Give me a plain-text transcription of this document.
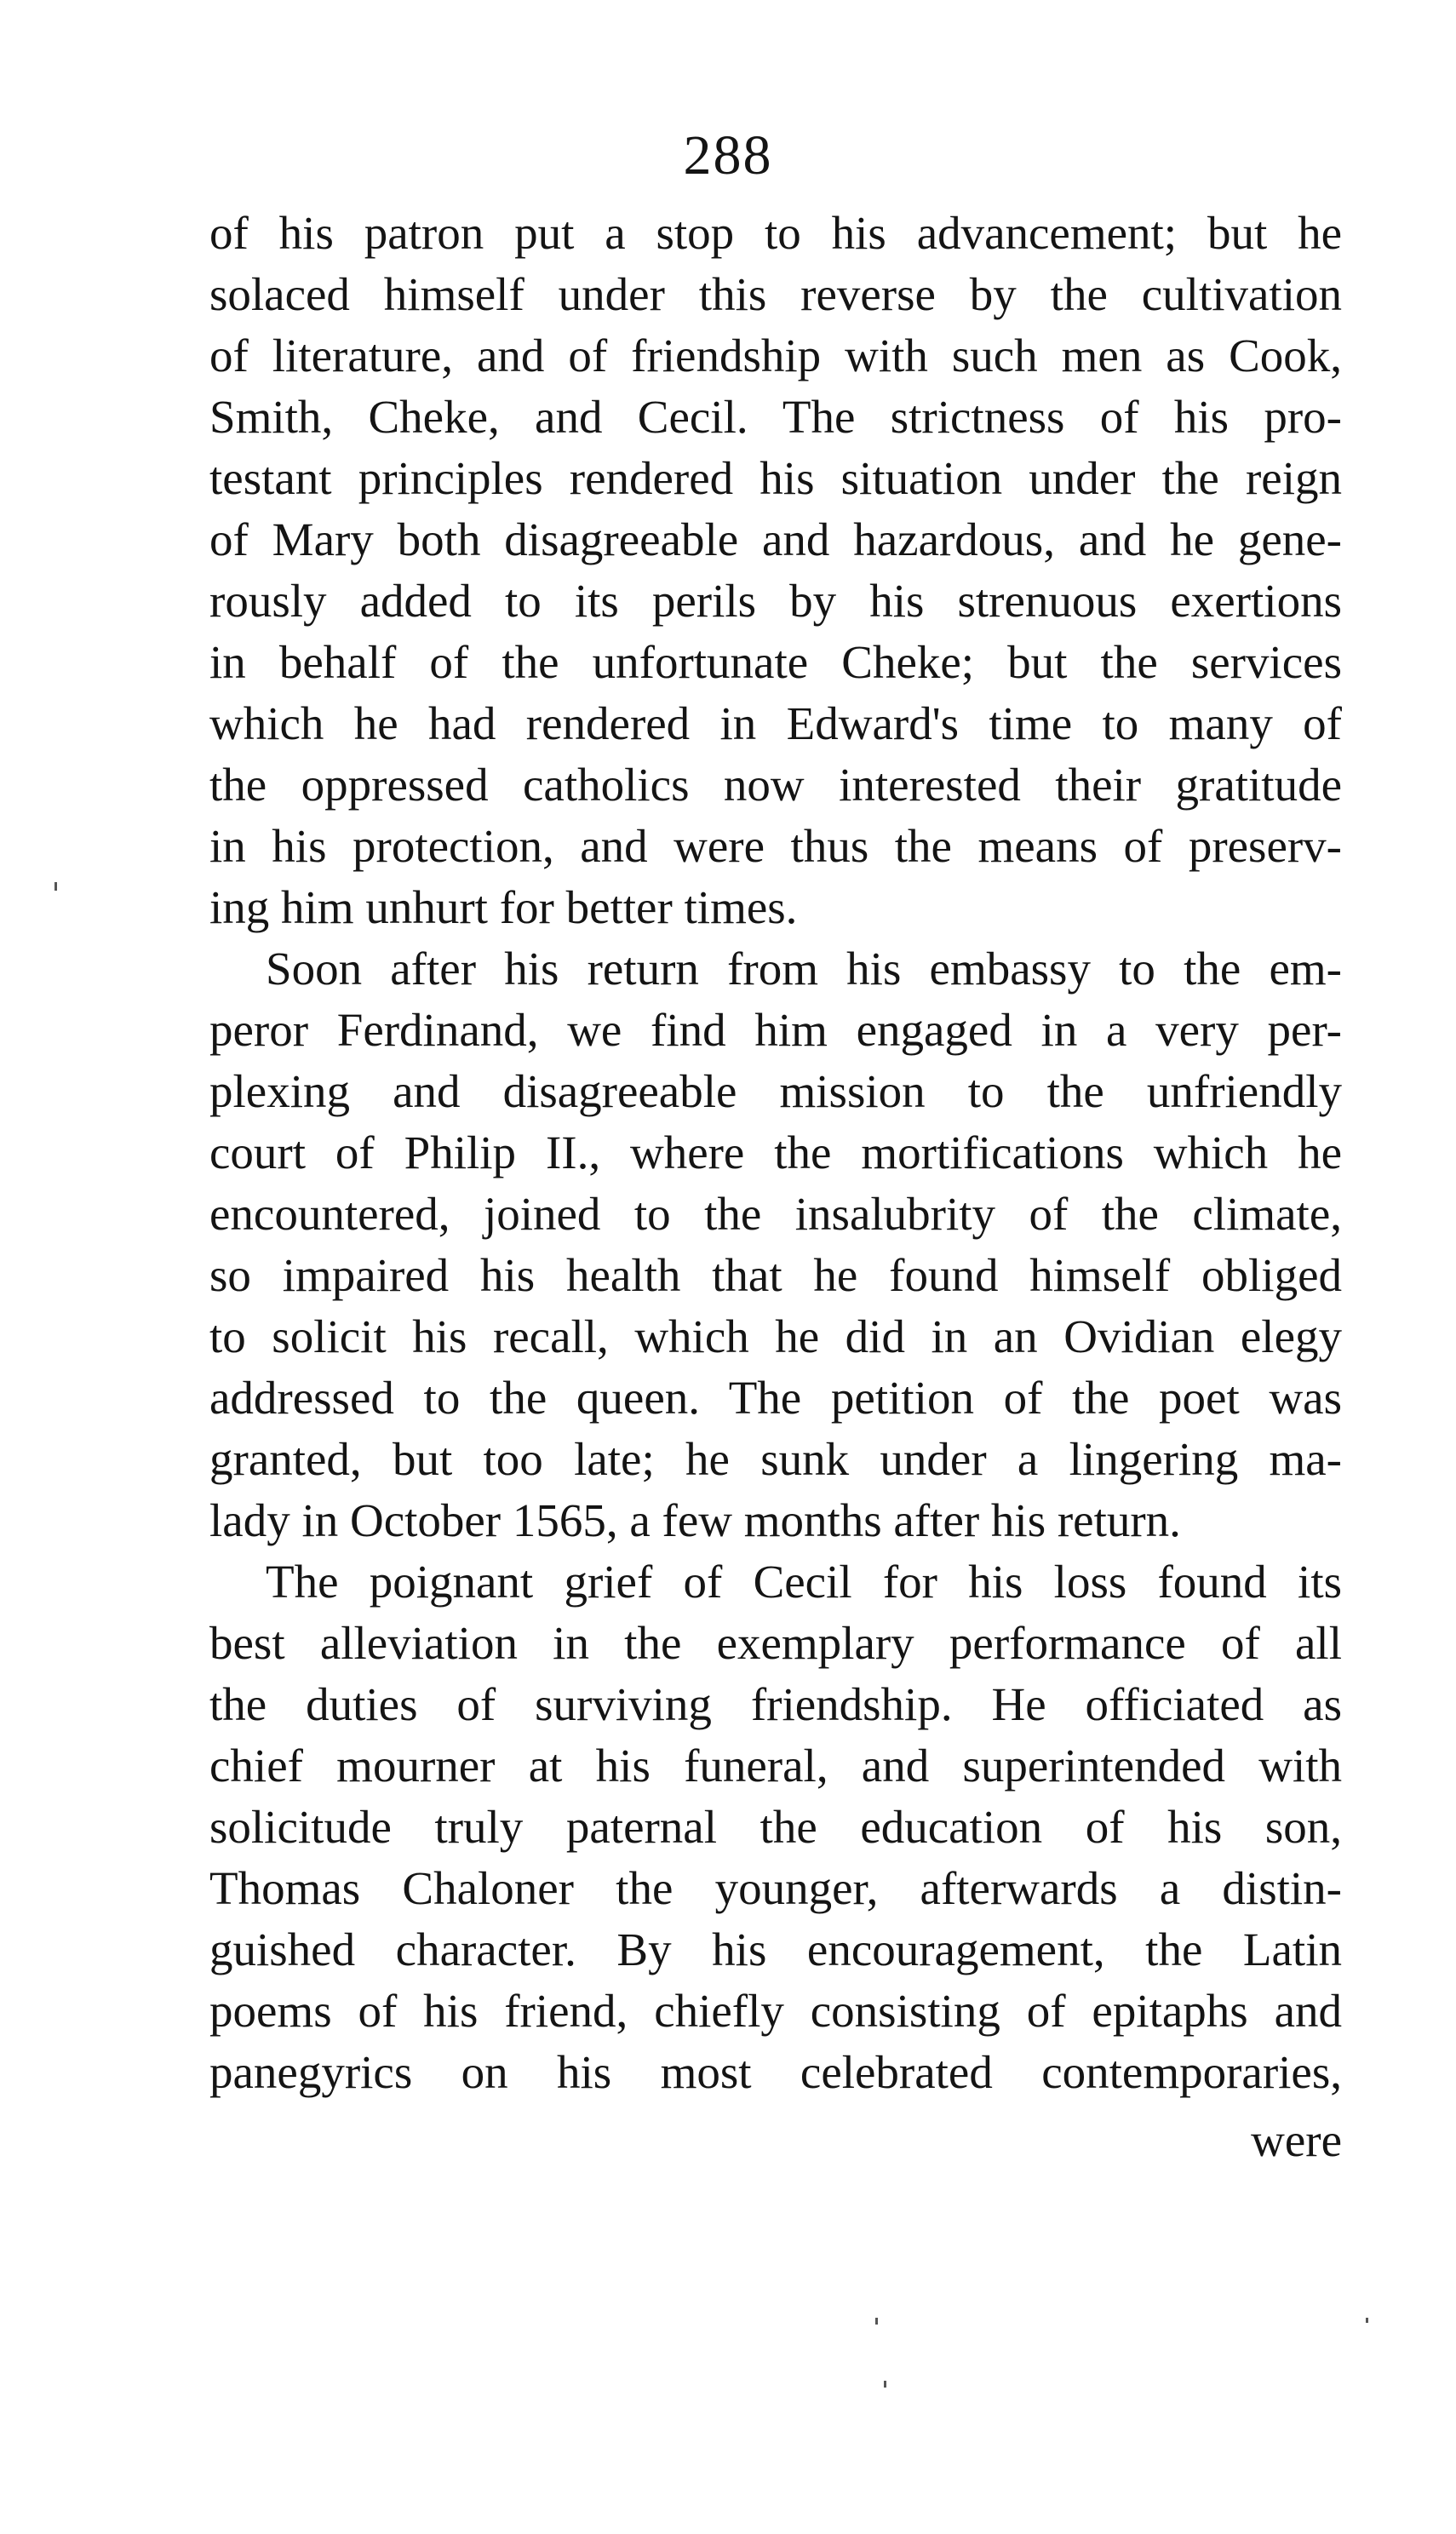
288
of his patron put a stop to his advancement; but he
solaced himself under this reverse by the cultivation
of literature, and of friendship with such men as Cook,
Smith, Cheke, and Cecil. The strictness of his pro-
testant principles rendered his situation under the reign
of Mary both disagreeable and hazardous, and he gene-
rously added to its perils by his strenuous exertions
in behalf of the unfortunate Cheke; but the services
which he had rendered in Edward's time to many of
the oppressed catholics now interested their gratitude
in his protection, and were thus the means of preserv-
ing him unhurt for better times.
Soon after his return from his embassy to the em-
peror Ferdinand, we find him engaged in a very per-
plexing and disagreeable mission to the unfriendly
court of Philip II., where the mortifications which he
encountered, joined to the insalubrity of the climate,
so impaired his health that he found himself obliged
to solicit his recall, which he did in an Ovidian elegy
addressed to the queen. The petition of the poet was
granted, but too late; he sunk under a lingering ma-
lady in October 1565, a few months after his return.
The poignant grief of Cecil for his loss found its
best alleviation in the exemplary performance of all
the duties of surviving friendship. He officiated as
chief mourner at his funeral, and superintended with
solicitude truly paternal the education of his son,
Thomas Chaloner the younger, afterwards a distin-
guished character. By his encouragement, the Latin
poems of his friend, chiefly consisting of epitaphs and
panegyrics on his most celebrated contemporaries,
were
